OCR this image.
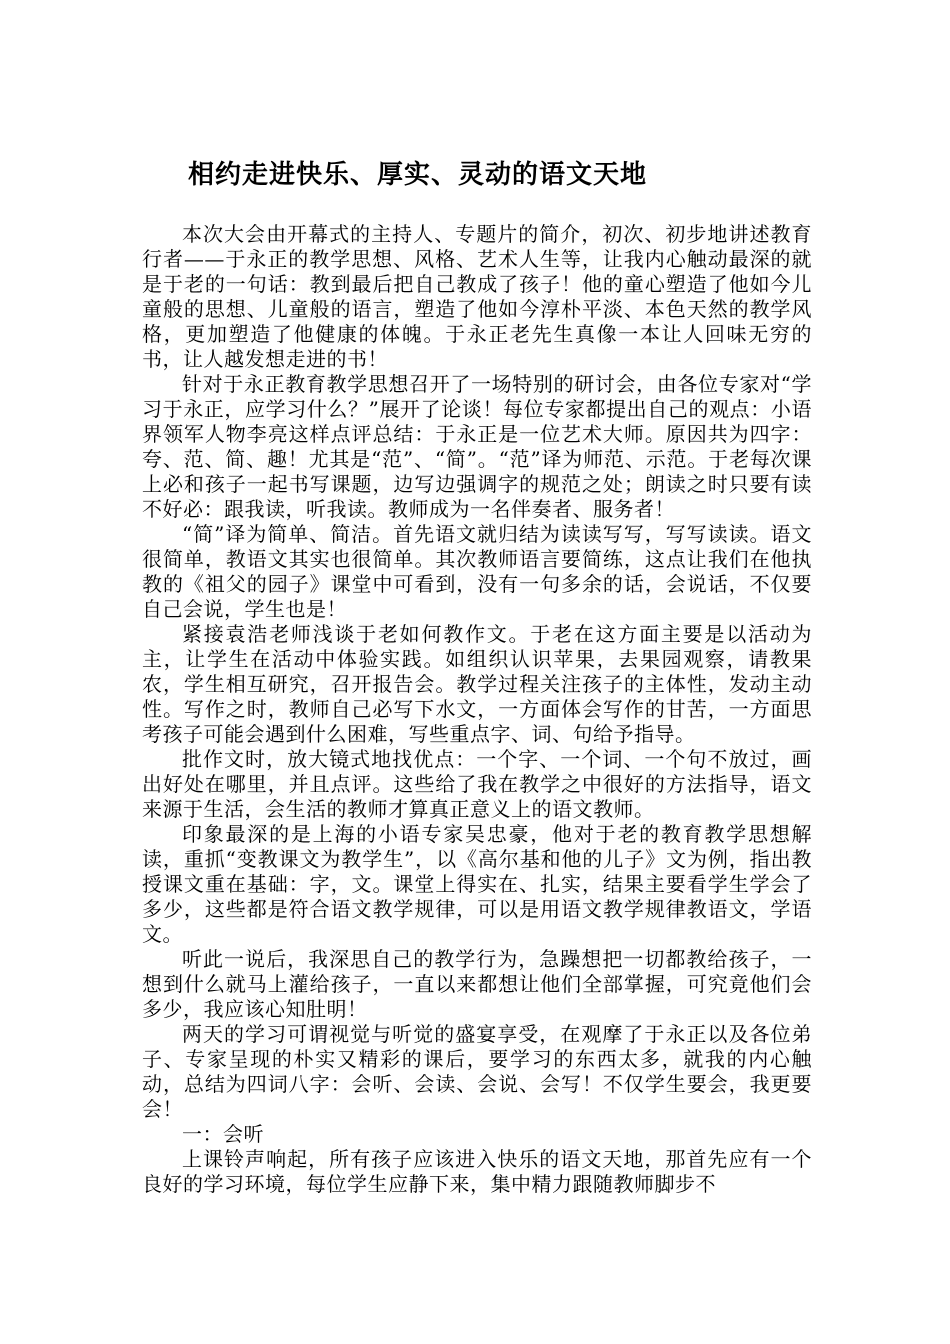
相约走进快乐、厚实、灵动的语文天地

本次大会由开幕式的主持人、专题片的简介，初次、初步地讲述教育行者——于永正的教学思想、风格、艺术人生等，让我内心触动最深的就是于老的一句话：教到最后把自己教成了孩子！他的童心塑造了他如今儿童般的思想、儿童般的语言，塑造了他如今淳朴平淡、本色天然的教学风格，更加塑造了他健康的体魄。于永正老先生真像一本让人回味无穷的书，让人越发想走进的书！

针对于永正教育教学思想召开了一场特别的研讨会，由各位专家对“学习于永正，应学习什么？”展开了论谈！每位专家都提出自己的观点：小语界领军人物李亮这样点评总结：于永正是一位艺术大师。原因共为四字：夸、范、简、趣！尤其是“范”、“简”。“范”译为师范、示范。于老每次课上必和孩子一起书写课题，边写边强调字的规范之处；朗读之时只要有读不好必：跟我读，听我读。教师成为一名伴奏者、服务者！

“简”译为简单、简洁。首先语文就归结为读读写写，写写读读。语文很简单，教语文其实也很简单。其次教师语言要简练，这点让我们在他执教的《祖父的园子》课堂中可看到，没有一句多余的话，会说话，不仅要自己会说，学生也是！

紧接袁浩老师浅谈于老如何教作文。于老在这方面主要是以活动为主，让学生在活动中体验实践。如组织认识苹果，去果园观察，请教果农，学生相互研究，召开报告会。教学过程关注孩子的主体性，发动主动性。写作之时，教师自己必写下水文，一方面体会写作的甘苦，一方面思考孩子可能会遇到什么困难，写些重点字、词、句给予指导。

批作文时，放大镜式地找优点：一个字、一个词、一个句不放过，画出好处在哪里，并且点评。这些给了我在教学之中很好的方法指导，语文来源于生活，会生活的教师才算真正意义上的语文教师。

印象最深的是上海的小语专家吴忠豪，他对于老的教育教学思想解读，重抓“变教课文为教学生”，以《高尔基和他的儿子》文为例，指出教授课文重在基础：字，文。课堂上得实在、扎实，结果主要看学生学会了多少，这些都是符合语文教学规律，可以是用语文教学规律教语文，学语文。

听此一说后，我深思自己的教学行为，急躁想把一切都教给孩子，一想到什么就马上灌给孩子，一直以来都想让他们全部掌握，可究竟他们会多少，我应该心知肚明！

两天的学习可谓视觉与听觉的盛宴享受，在观摩了于永正以及各位弟子、专家呈现的朴实又精彩的课后，要学习的东西太多，就我的内心触动，总结为四词八字：会听、会读、会说、会写！不仅学生要会，我更要会！

一：会听

上课铃声响起，所有孩子应该进入快乐的语文天地，那首先应有一个良好的学习环境，每位学生应静下来，集中精力跟随教师脚步不
